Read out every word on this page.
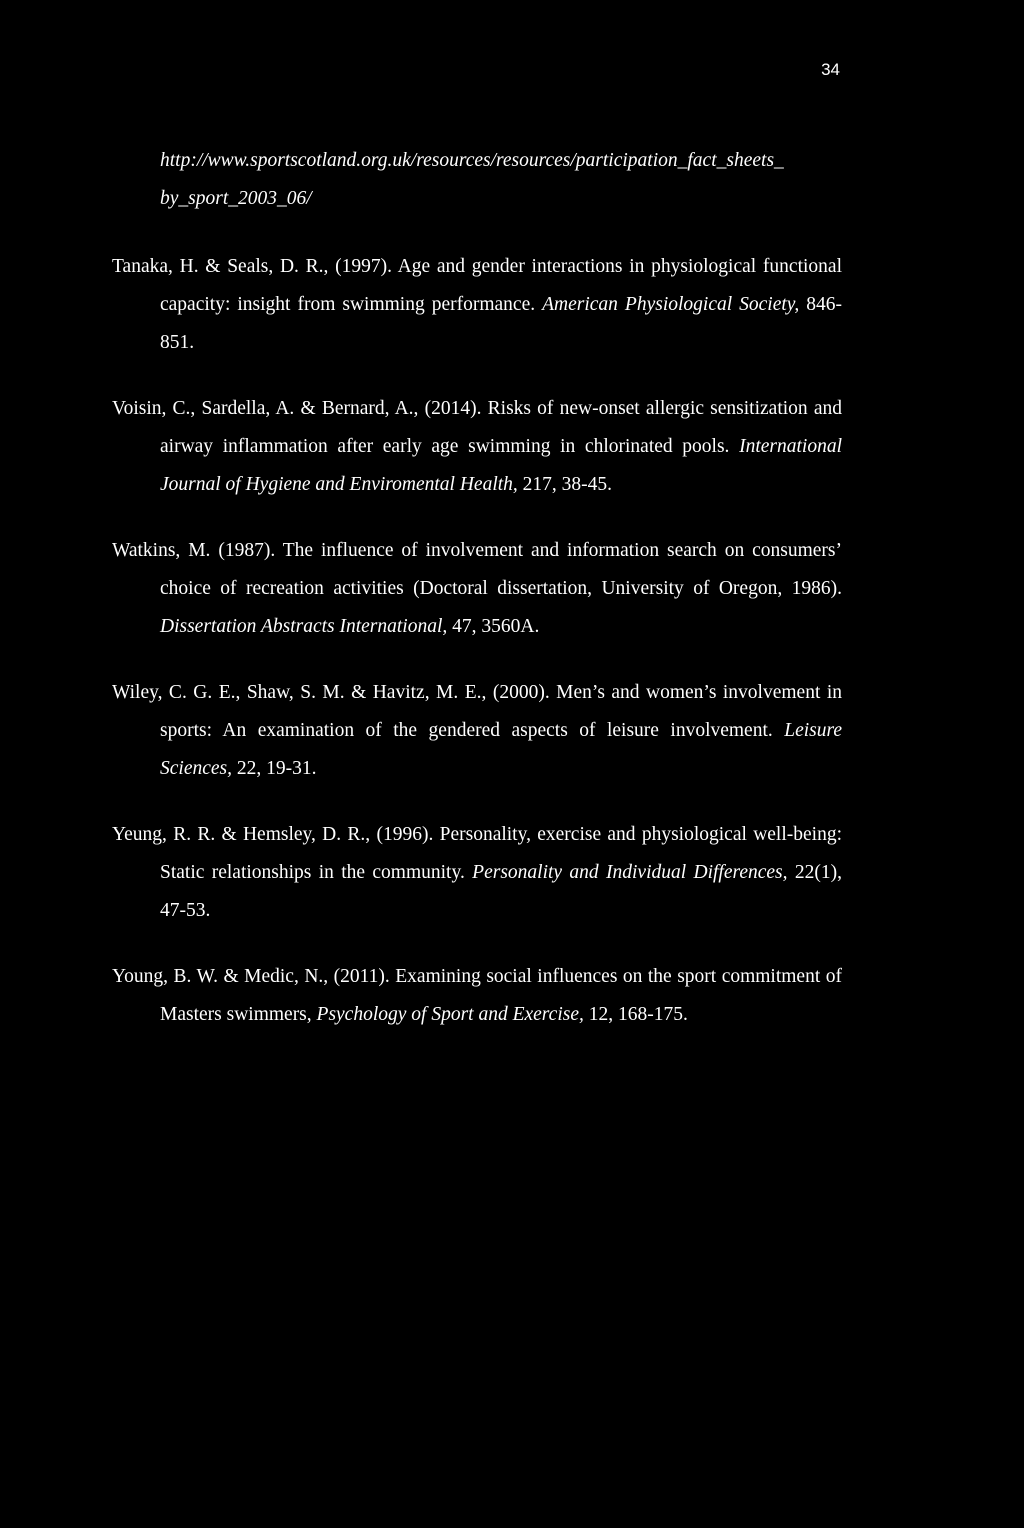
34

http://www.sportscotland.org.uk/resources/resources/participation_fact_sheets_ by_sport_2003_06/

Tanaka, H. & Seals, D. R., (1997). Age and gender interactions in physiological functional capacity: insight from swimming performance. American Physiological Society, 846-851.

Voisin, C., Sardella, A. & Bernard, A., (2014). Risks of new-onset allergic sensitization and airway inflammation after early age swimming in chlorinated pools. International Journal of Hygiene and Enviromental Health, 217, 38-45.

Watkins, M. (1987). The influence of involvement and information search on consumers’ choice of recreation activities (Doctoral dissertation, University of Oregon, 1986). Dissertation Abstracts International, 47, 3560A.

Wiley, C. G. E., Shaw, S. M. & Havitz, M. E., (2000). Men’s and women’s involvement in sports: An examination of the gendered aspects of leisure involvement. Leisure Sciences, 22, 19-31.

Yeung, R. R. & Hemsley, D. R., (1996). Personality, exercise and physiological well-being: Static relationships in the community. Personality and Individual Differences, 22(1), 47-53.

Young, B. W. & Medic, N., (2011). Examining social influences on the sport commitment of Masters swimmers, Psychology of Sport and Exercise, 12, 168-175.
